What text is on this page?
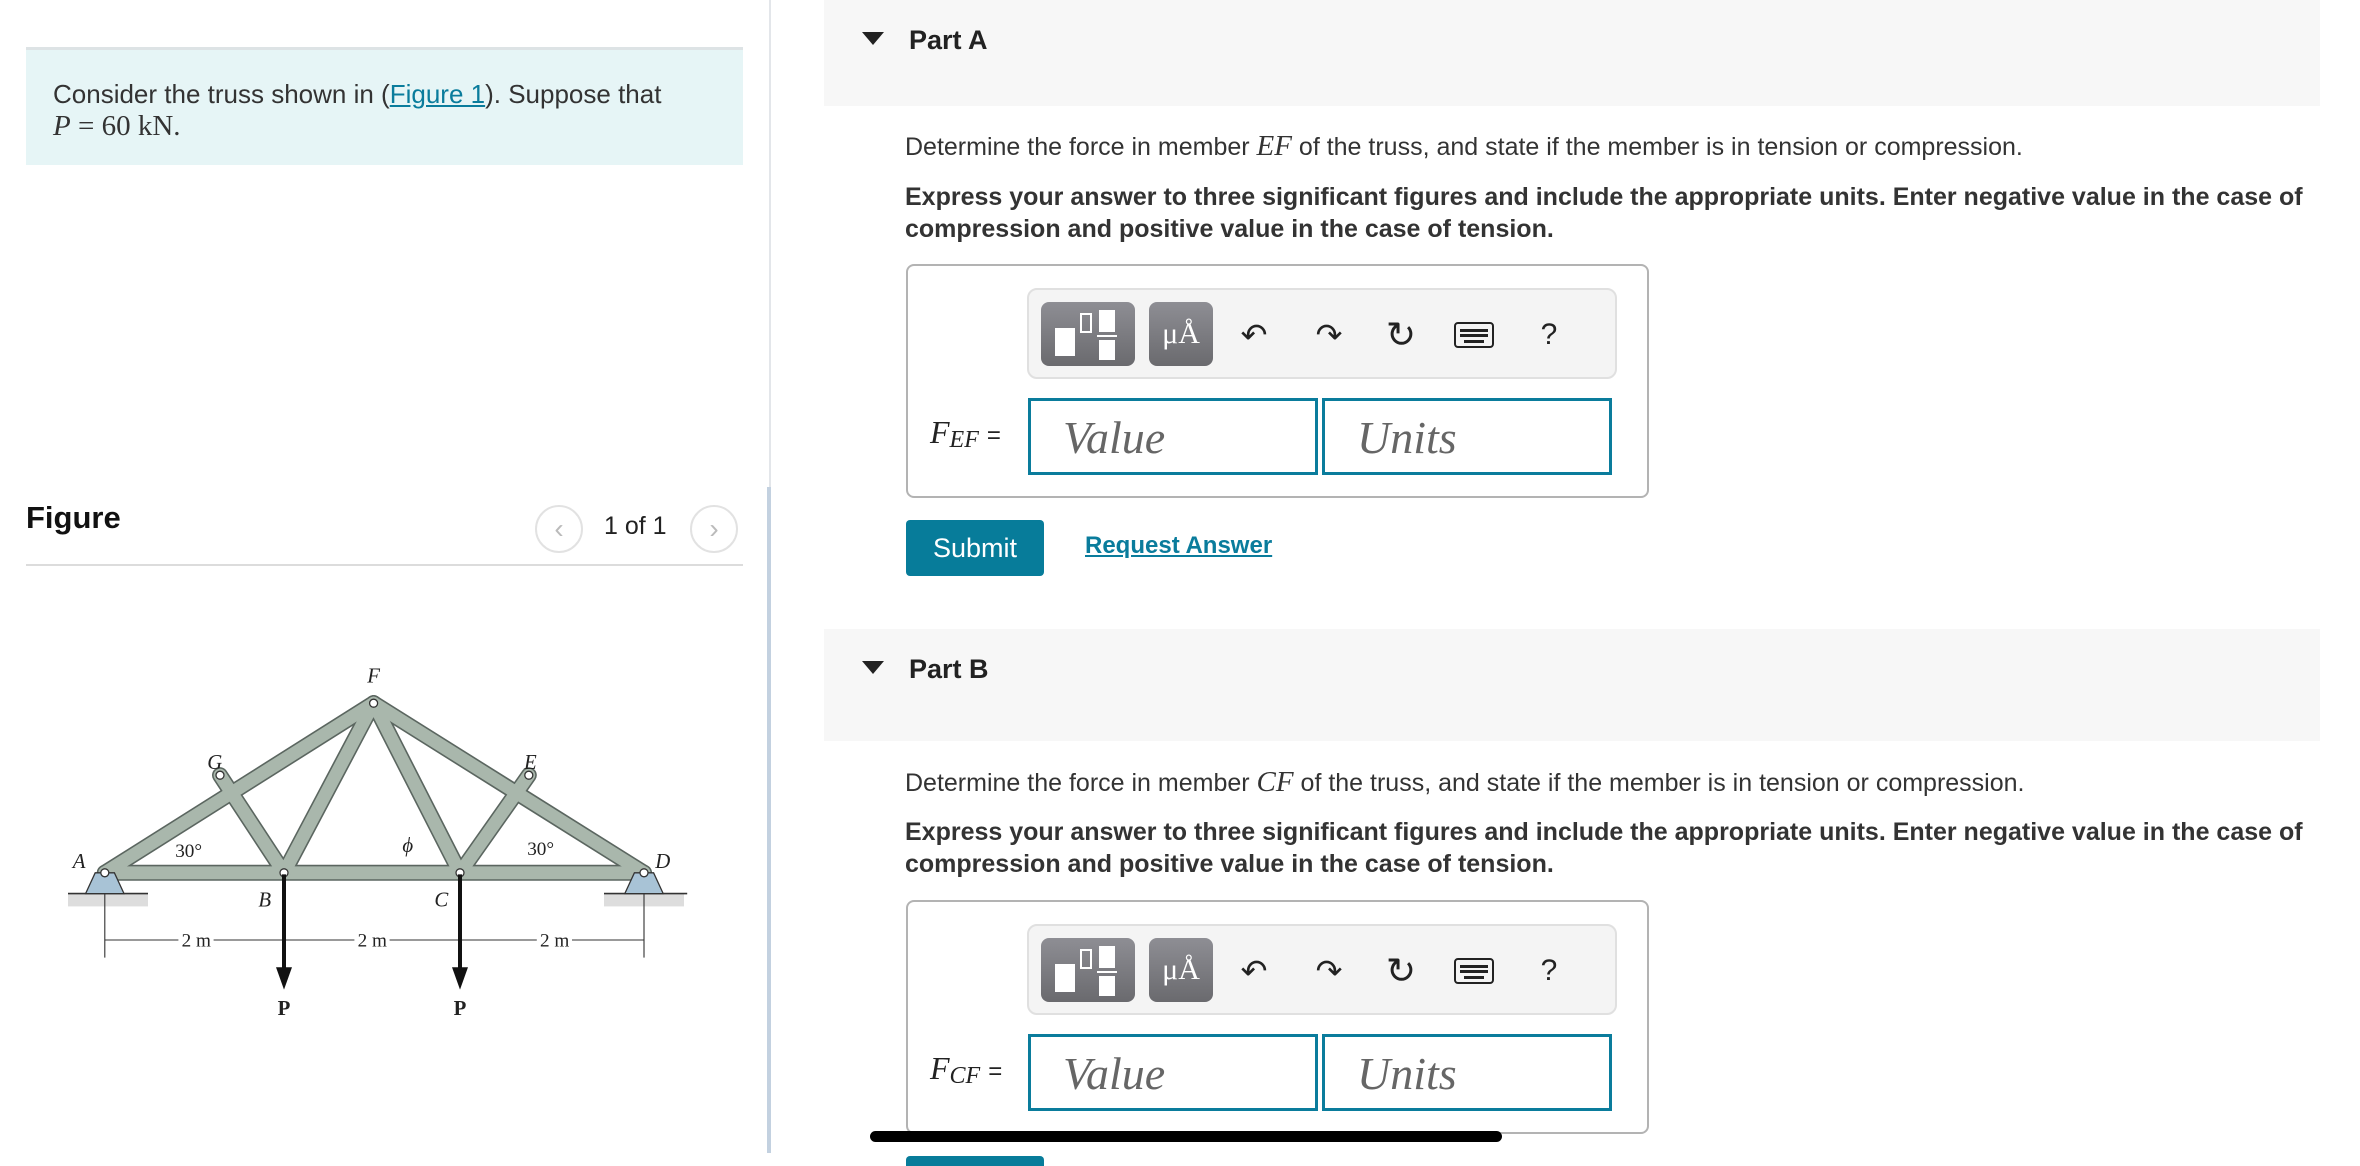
Consider the truss shown in (Figure 1). Suppose that
P = 60 kN.
Figure	‹ 1 of 1 ›
F
G	E
A	D
B	C
ϕ
30°	30°
2 m	2 m	2 m
P	P
Part A
Determine the force in member EF of the truss, and state if the member is in tension or compression.
Express your answer to three significant figures and include the appropriate units. Enter negative value in the case of compression and positive value in the case of tension.
μÅ ↶ ↷ ↻	?
$F_{EF}$ =	Value	Units
Submit	Request Answer
Part B
Determine the force in member CF of the truss, and state if the member is in tension or compression.
Express your answer to three significant figures and include the appropriate units. Enter negative value in the case of compression and positive value in the case of tension.
μÅ ↶ ↷ ↻	?
$F_{CF}$ =	Value	Units
